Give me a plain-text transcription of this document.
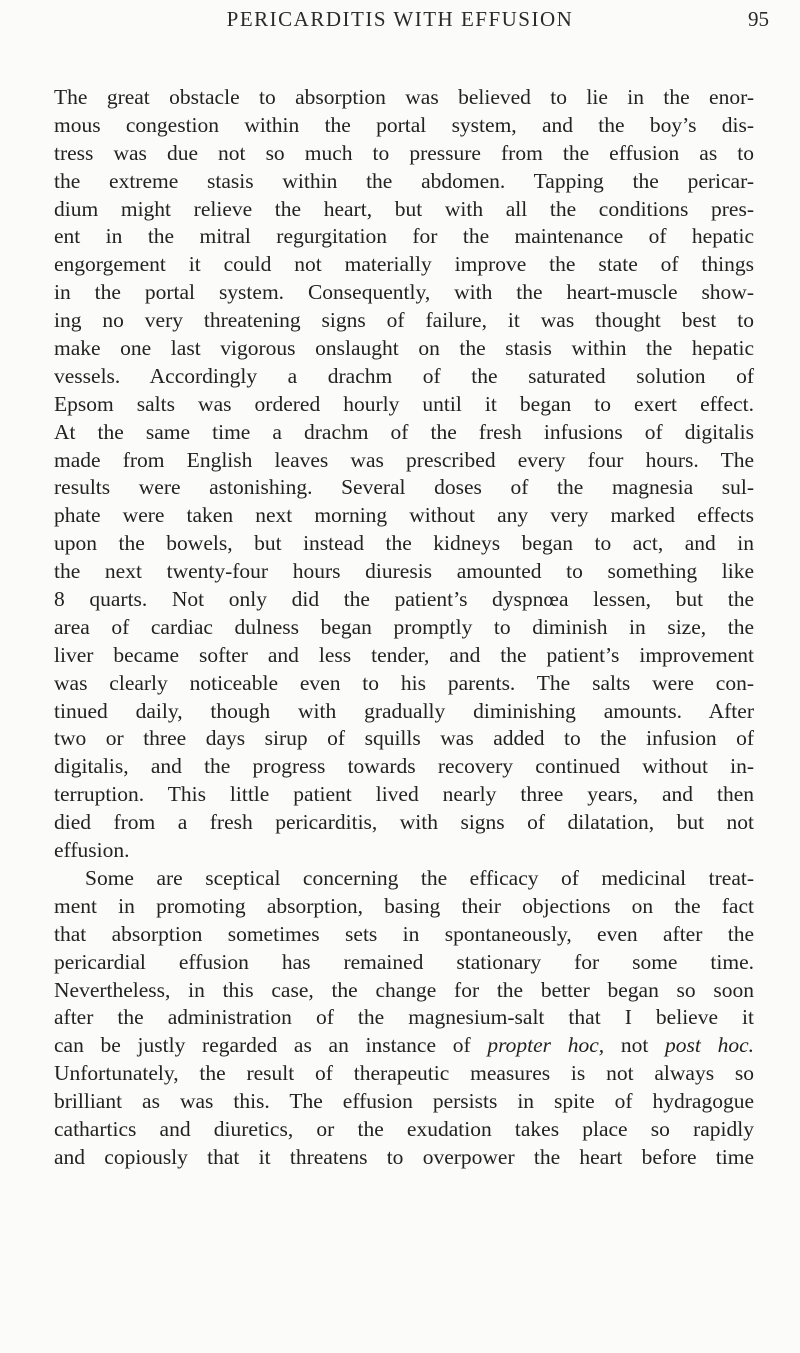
PERICARDITIS WITH EFFUSION	95
The great obstacle to absorption was believed to lie in the enor-
mous congestion within the portal system, and the boy’s dis-
tress was due not so much to pressure from the effusion as to
the extreme stasis within the abdomen. Tapping the pericar-
dium might relieve the heart, but with all the conditions pres-
ent in the mitral regurgitation for the maintenance of hepatic
engorgement it could not materially improve the state of things
in the portal system. Consequently, with the heart-muscle show-
ing no very threatening signs of failure, it was thought best to
make one last vigorous onslaught on the stasis within the hepatic
vessels. Accordingly a drachm of the saturated solution of
Epsom salts was ordered hourly until it began to exert effect.
At the same time a drachm of the fresh infusions of digitalis
made from English leaves was prescribed every four hours. The
results were astonishing. Several doses of the magnesia sul-
phate were taken next morning without any very marked effects
upon the bowels, but instead the kidneys began to act, and in
the next twenty-four hours diuresis amounted to something like
8 quarts. Not only did the patient’s dyspnœa lessen, but the
area of cardiac dulness began promptly to diminish in size, the
liver became softer and less tender, and the patient’s improvement
was clearly noticeable even to his parents. The salts were con-
tinued daily, though with gradually diminishing amounts. After
two or three days sirup of squills was added to the infusion of
digitalis, and the progress towards recovery continued without in-
terruption. This little patient lived nearly three years, and then
died from a fresh pericarditis, with signs of dilatation, but not
effusion.
Some are sceptical concerning the efficacy of medicinal treat-
ment in promoting absorption, basing their objections on the fact
that absorption sometimes sets in spontaneously, even after the
pericardial effusion has remained stationary for some time.
Nevertheless, in this case, the change for the better began so soon
after the administration of the magnesium-salt that I believe it
can be justly regarded as an instance of propter hoc, not post hoc.
Unfortunately, the result of therapeutic measures is not always so
brilliant as was this. The effusion persists in spite of hydragogue
cathartics and diuretics, or the exudation takes place so rapidly
and copiously that it threatens to overpower the heart before time
